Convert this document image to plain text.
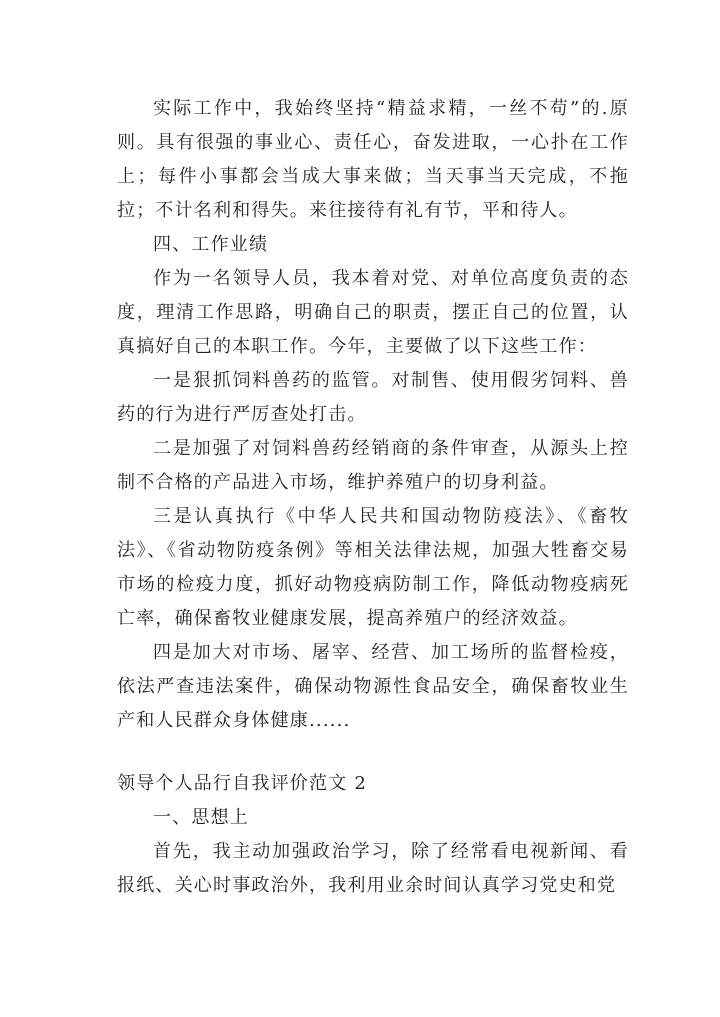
实际工作中，我始终坚持“精益求精，一丝不苟”的.原则。具有很强的事业心、责任心，奋发进取，一心扑在工作上；每件小事都会当成大事来做；当天事当天完成，不拖拉；不计名利和得失。来往接待有礼有节，平和待人。

四、工作业绩

作为一名领导人员，我本着对党、对单位高度负责的态度，理清工作思路，明确自己的职责，摆正自己的位置，认真搞好自己的本职工作。今年，主要做了以下这些工作：

一是狠抓饲料兽药的监管。对制售、使用假劣饲料、兽药的行为进行严厉查处打击。

二是加强了对饲料兽药经销商的条件审查，从源头上控制不合格的产品进入市场，维护养殖户的切身利益。

三是认真执行《中华人民共和国动物防疫法》、《畜牧法》、《省动物防疫条例》等相关法律法规，加强大牲畜交易市场的检疫力度，抓好动物疫病防制工作，降低动物疫病死亡率，确保畜牧业健康发展，提高养殖户的经济效益。

四是加大对市场、屠宰、经营、加工场所的监督检疫，依法严查违法案件，确保动物源性食品安全，确保畜牧业生产和人民群众身体健康......

领导个人品行自我评价范文 2

一、思想上

首先，我主动加强政治学习，除了经常看电视新闻、看报纸、关心时事政治外，我利用业余时间认真学习党史和党
